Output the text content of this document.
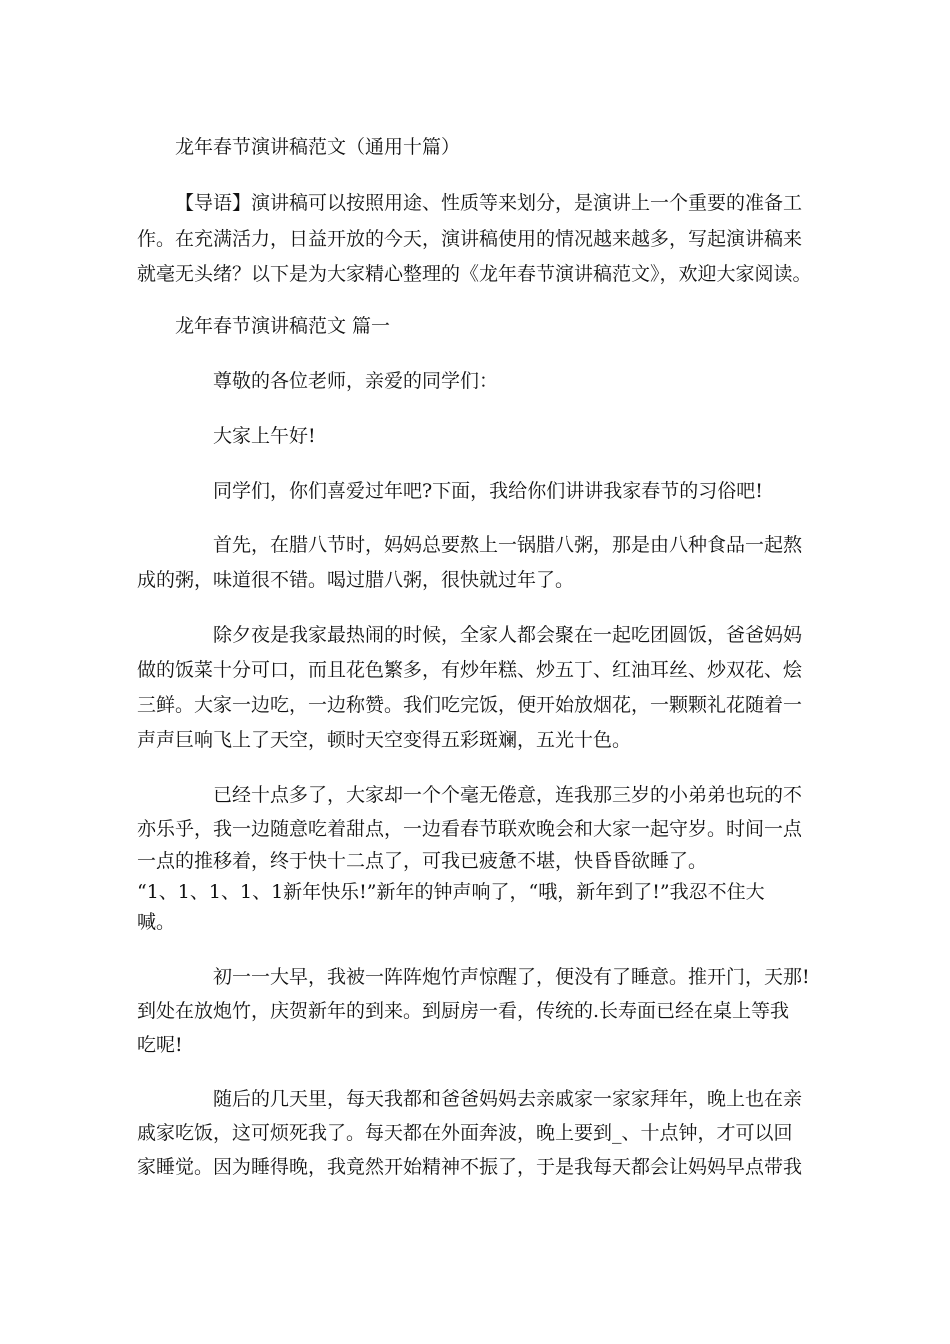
龙年春节演讲稿范文（通用十篇）
【导语】演讲稿可以按照用途、性质等来划分，是演讲上一个重要的准备工
作。在充满活力，日益开放的今天，演讲稿使用的情况越来越多，写起演讲稿来
就毫无头绪？以下是为大家精心整理的《龙年春节演讲稿范文》，欢迎大家阅读。
龙年春节演讲稿范文 篇一
尊敬的各位老师，亲爱的同学们：
大家上午好!
同学们，你们喜爱过年吧?下面，我给你们讲讲我家春节的习俗吧!
首先，在腊八节时，妈妈总要熬上一锅腊八粥，那是由八种食品一起熬
成的粥，味道很不错。喝过腊八粥，很快就过年了。
除夕夜是我家最热闹的时候，全家人都会聚在一起吃团圆饭，爸爸妈妈
做的饭菜十分可口，而且花色繁多，有炒年糕、炒五丁、红油耳丝、炒双花、烩
三鲜。大家一边吃，一边称赞。我们吃完饭，便开始放烟花，一颗颗礼花随着一
声声巨响飞上了天空，顿时天空变得五彩斑斓，五光十色。
已经十点多了，大家却一个个毫无倦意，连我那三岁的小弟弟也玩的不
亦乐乎，我一边随意吃着甜点，一边看春节联欢晚会和大家一起守岁。时间一点
一点的推移着，终于快十二点了，可我已疲惫不堪，快昏昏欲睡了。
“1、1、1、1、1新年快乐!”新年的钟声响了，“哦，新年到了!”我忍不住大
喊。
初一一大早，我被一阵阵炮竹声惊醒了，便没有了睡意。推开门，天那!
到处在放炮竹，庆贺新年的到来。到厨房一看，传统的.长寿面已经在桌上等我
吃呢!
随后的几天里，每天我都和爸爸妈妈去亲戚家一家家拜年，晚上也在亲
戚家吃饭，这可烦死我了。每天都在外面奔波，晚上要到_、十点钟，才可以回
家睡觉。因为睡得晚，我竟然开始精神不振了，于是我每天都会让妈妈早点带我
